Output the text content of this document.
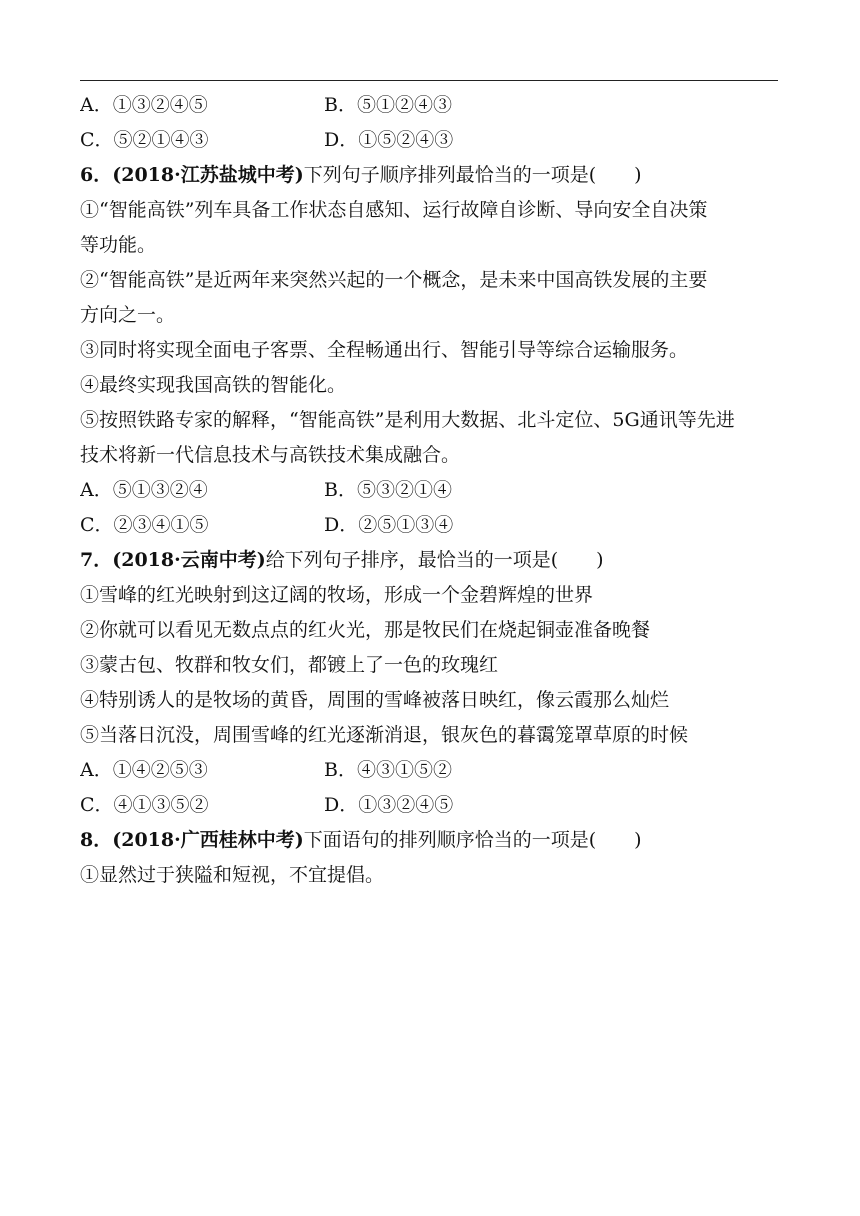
A．①③②④⑤	B．⑤①②④③
C．⑤②①④③	D．①⑤②④③
6．(2018·江苏盐城中考)下列句子顺序排列最恰当的一项是(　　)
①“智能高铁”列车具备工作状态自感知、运行故障自诊断、导向安全自决策
等功能。
②“智能高铁”是近两年来突然兴起的一个概念，是未来中国高铁发展的主要
方向之一。
③同时将实现全面电子客票、全程畅通出行、智能引导等综合运输服务。
④最终实现我国高铁的智能化。
⑤按照铁路专家的解释，“智能高铁”是利用大数据、北斗定位、5G通讯等先进
技术将新一代信息技术与高铁技术集成融合。
A．⑤①③②④	B．⑤③②①④
C．②③④①⑤	D．②⑤①③④
7．(2018·云南中考)给下列句子排序，最恰当的一项是(　　)
①雪峰的红光映射到这辽阔的牧场，形成一个金碧辉煌的世界
②你就可以看见无数点点的红火光，那是牧民们在烧起铜壶准备晚餐
③蒙古包、牧群和牧女们，都镀上了一色的玫瑰红
④特别诱人的是牧场的黄昏，周围的雪峰被落日映红，像云霞那么灿烂
⑤当落日沉没，周围雪峰的红光逐渐消退，银灰色的暮霭笼罩草原的时候
A．①④②⑤③	B．④③①⑤②
C．④①③⑤②	D．①③②④⑤
8．(2018·广西桂林中考)下面语句的排列顺序恰当的一项是(　　)
①显然过于狭隘和短视，不宜提倡。
